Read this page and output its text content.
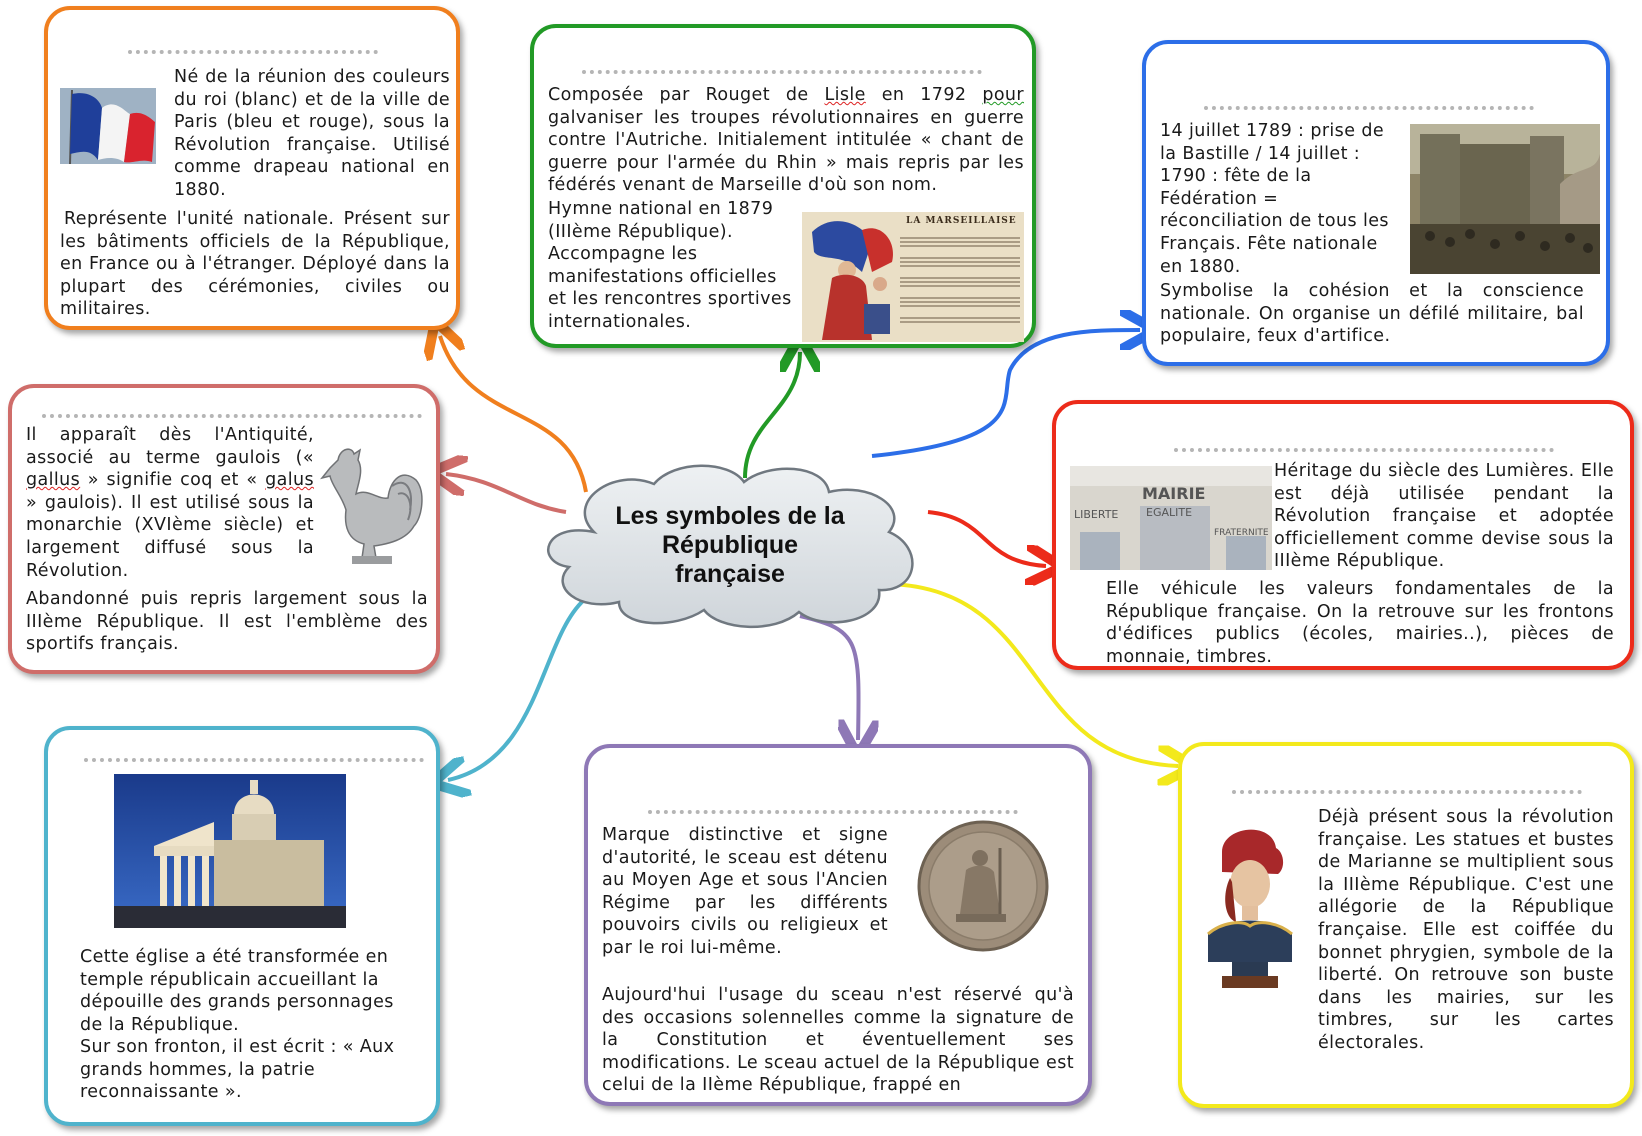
Les symboles de la
République
française
Né de la réunion des couleurs du roi (blanc) et de la ville de Paris (bleu et rouge), sous la Révolution française. Utilisé comme drapeau national en 1880.
Représente l'unité nationale. Présent sur les bâtiments officiels de la République, en France ou à l'étranger. Déployé dans la plupart des cérémonies, civiles ou militaires.
Composée par Rouget de Lisle en 1792 pour galvaniser les troupes révolutionnaires en guerre contre l'Autriche. Initialement intitulée « chant de guerre pour l'armée du Rhin » mais repris par les fédérés venant de Marseille d'où son nom.
Hymne national en 1879 (IIIème République). Accompagne les manifestations officielles et les rencontres sportives internationales.
LA MARSEILLAISE
14 juillet 1789 : prise de la Bastille / 14 juillet : 1790 : fête de la Fédération = réconciliation de tous les Français. Fête nationale en 1880.
Symbolise la cohésion et la conscience nationale. On organise un défilé militaire, bal populaire, feux d'artifice.
Il apparaît dès l'Antiquité, associé au terme gaulois (« gallus » signifie coq et « galus » gaulois). Il est utilisé sous la monarchie (XVIème siècle) et largement diffusé sous la Révolution.
Abandonné puis repris largement sous la IIIème République. Il est l'emblème des sportifs français.
MAIRIE
LIBERTE	EGALITE
FRATERNITE
Héritage du siècle des Lumières. Elle est déjà utilisée pendant la Révolution française et adoptée officiellement comme devise sous la IIIème République.
Elle véhicule les valeurs fondamentales de la République française. On la retrouve sur les frontons d'édifices publics (écoles, mairies..), pièces de monnaie, timbres.
Cette église a été transformée en temple républicain accueillant la dépouille des grands personnages de la République.
Sur son fronton, il est écrit : « Aux grands hommes, la patrie reconnaissante ».
Marque distinctive et signe d'autorité, le sceau est détenu au Moyen Age et sous l'Ancien Régime par les différents pouvoirs civils ou religieux et par le roi lui-même.
Aujourd'hui l'usage du sceau n'est réservé qu'à des occasions solennelles comme la signature de la Constitution et éventuellement ses modifications. Le sceau actuel de la République est celui de la IIème République, frappé en
Déjà présent sous la révolution française. Les statues et bustes de Marianne se multiplient sous la IIIème République. C'est une allégorie de la République française. Elle est coiffée du bonnet phrygien, symbole de la liberté. On retrouve son buste dans les mairies, sur les timbres, sur les cartes électorales.
